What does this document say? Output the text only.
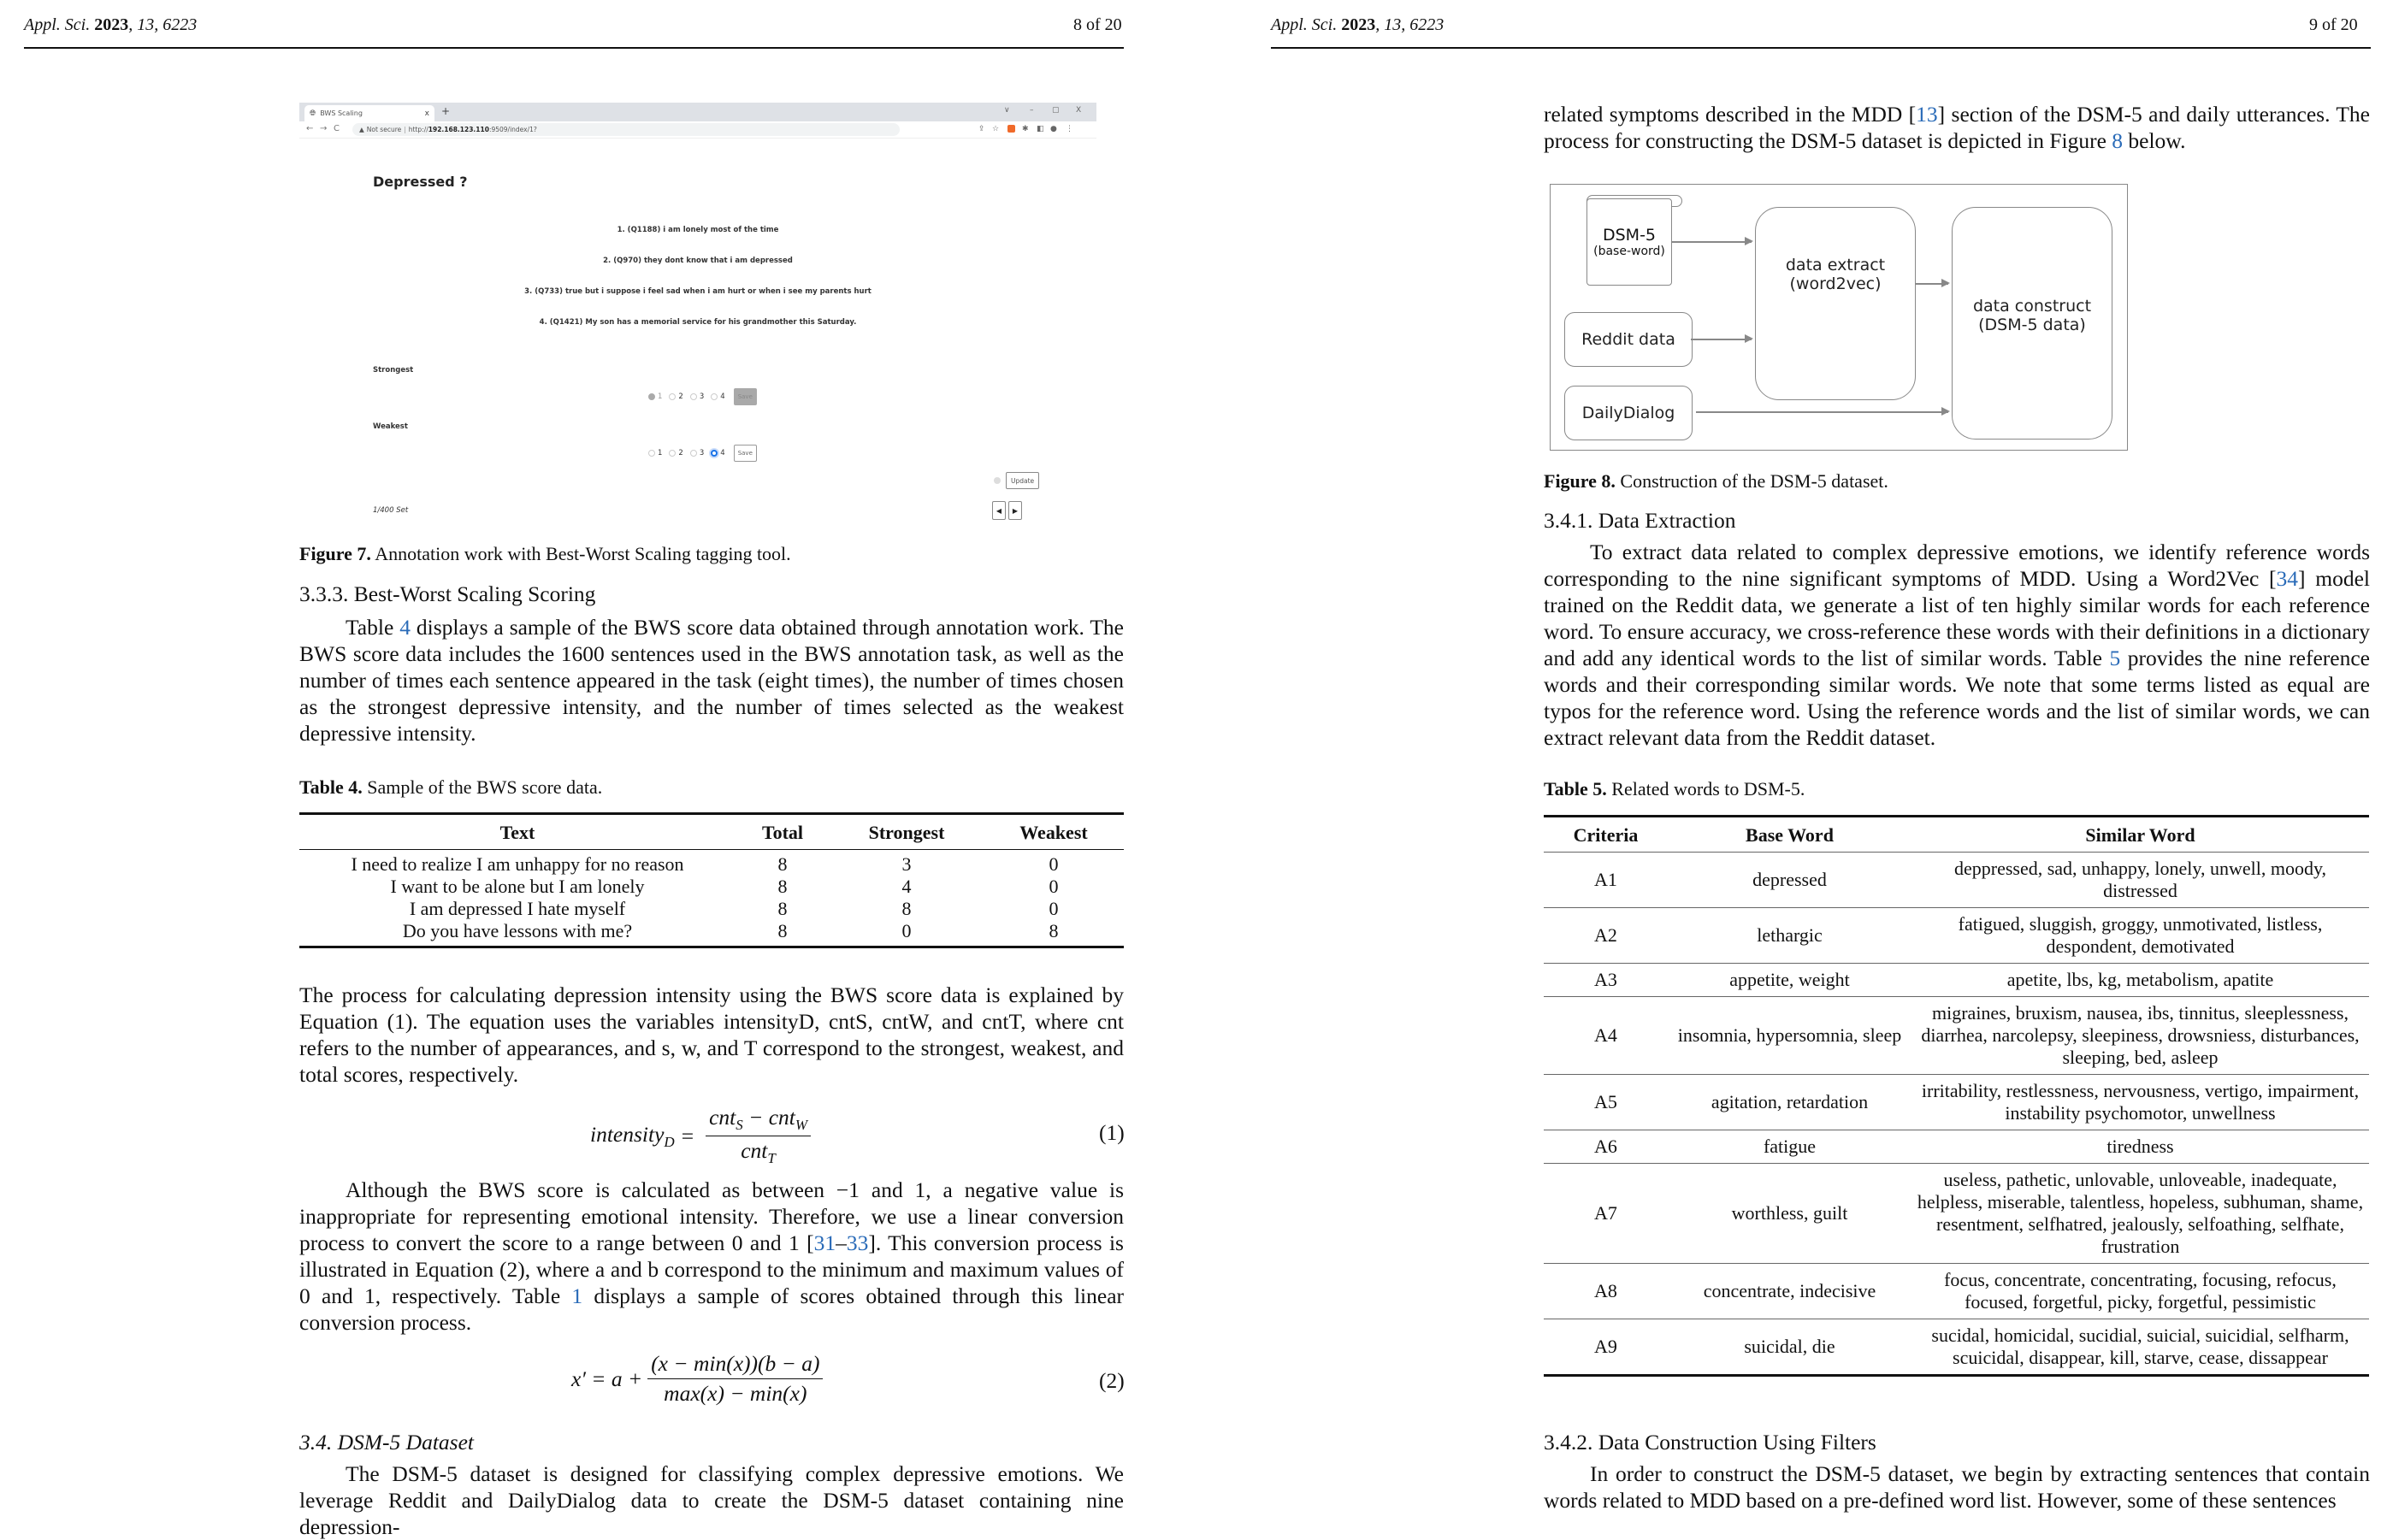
Appl. Sci. 2023, 13, 6223	8 of 20
🌐︎ BWS Scaling	x +	∨	– ▢ X
← → C	▲ Not secure | http://192.168.123.110:9509/index/1?	⇪ ☆	✱ ◧ ● ⋮
Depressed ?
1. (Q1188) i am lonely most of the time
2. (Q970) they dont know that i am depressed
3. (Q733) true but i suppose i feel sad when i am hurt or when i see my parents hurt
4. (Q1421) My son has a memorial service for his grandmother this Saturday.
Strongest
1 2 3 4	Save
Weakest
1 2 3 4	Save
Update
1/400 Set	◀	▶
Figure 7. Annotation work with Best-Worst Scaling tagging tool.
3.3.3. Best-Worst Scaling Scoring

Table 4 displays a sample of the BWS score data obtained through annotation work. The BWS score data includes the 1600 sentences used in the BWS annotation task, as well as the number of times each sentence appeared in the task (eight times), the number of times chosen as the strongest depressive intensity, and the number of times selected as the weakest depressive intensity.

Table 4. Sample of the BWS score data.
Text	Total	Strongest	Weakest
I need to realize I am unhappy for no reason	8	3	0
I want to be alone but I am lonely	8	4	0
I am depressed I hate myself	8	8	0
Do you have lessons with me?	8	0	8
The process for calculating depression intensity using the BWS score data is explained by Equation (1). The equation uses the variables intensityD, cntS, cntW, and cntT, where cnt refers to the number of appearances, and s, w, and T correspond to the strongest, weakest, and total scores, respectively.
intensity$_D$ = $\frac{cnt_S - cnt_W}{cnt_T}$	(1)

Although the BWS score is calculated as between −1 and 1, a negative value is inappropriate for representing emotional intensity. Therefore, we use a linear conversion process to convert the score to a range between 0 and 1 [31–33]. This conversion process is illustrated in Equation (2), where a and b correspond to the minimum and maximum values of 0 and 1, respectively. Table 1 displays a sample of scores obtained through this linear conversion process.

$x' = a + \frac{(x - \min(x))(b - a)}{\max(x) - \min(x)}$	(2)
3.4. DSM-5 Dataset

The DSM-5 dataset is designed for classifying complex depressive emotions. We leverage Reddit and DailyDialog data to create the DSM-5 dataset containing nine depression-

Appl. Sci. 2023, 13, 6223	9 of 20

related symptoms described in the MDD [13] section of the DSM-5 and daily utterances. The process for constructing the DSM-5 dataset is depicted in Figure 8 below.

DSM-5
(base-word)
Reddit data
DailyDialog
data extract
(word2vec)
data construct
(DSM-5 data)
Figure 8. Construction of the DSM-5 dataset.
3.4.1. Data Extraction

To extract data related to complex depressive emotions, we identify reference words corresponding to the nine significant symptoms of MDD. Using a Word2Vec [34] model trained on the Reddit data, we generate a list of ten highly similar words for each reference word. To ensure accuracy, we cross-reference these words with their definitions in a dictionary and add any identical words to the list of similar words. Table 5 provides the nine reference words and their corresponding similar words. We note that some terms listed as equal are typos for the reference word. Using the reference words and the list of similar words, we can extract relevant data from the Reddit dataset.

Table 5. Related words to DSM-5.
Criteria	Base Word	Similar Word
A1	depressed	deppressed, sad, unhappy, lonely, unwell, moody, distressed
A2	lethargic	fatigued, sluggish, groggy, unmotivated, listless, despondent, demotivated
A3	appetite, weight	apetite, lbs, kg, metabolism, apatite
A4	insomnia, hypersomnia, sleep	migraines, bruxism, nausea, ibs, tinnitus, sleeplessness, diarrhea, narcolepsy, sleepiness, drowsniess, disturbances, sleeping, bed, asleep
A5	agitation, retardation	irritability, restlessness, nervousness, vertigo, impairment, instability psychomotor, unwellness
A6	fatigue	tiredness
A7	worthless, guilt	useless, pathetic, unlovable, unloveable, inadequate, helpless, miserable, talentless, hopeless, subhuman, shame, resentment, selfhatred, jealously, selfoathing, selfhate, frustration
A8	concentrate, indecisive	focus, concentrate, concentrating, focusing, refocus, focused, forgetful, picky, forgetful, pessimistic
A9	suicidal, die	sucidal, homicidal, sucidial, suicial, suicidial, selfharm, scuicidal, disappear, kill, starve, cease, dissappear
3.4.2. Data Construction Using Filters

In order to construct the DSM-5 dataset, we begin by extracting sentences that contain words related to MDD based on a pre-defined word list. However, some of these sentences
